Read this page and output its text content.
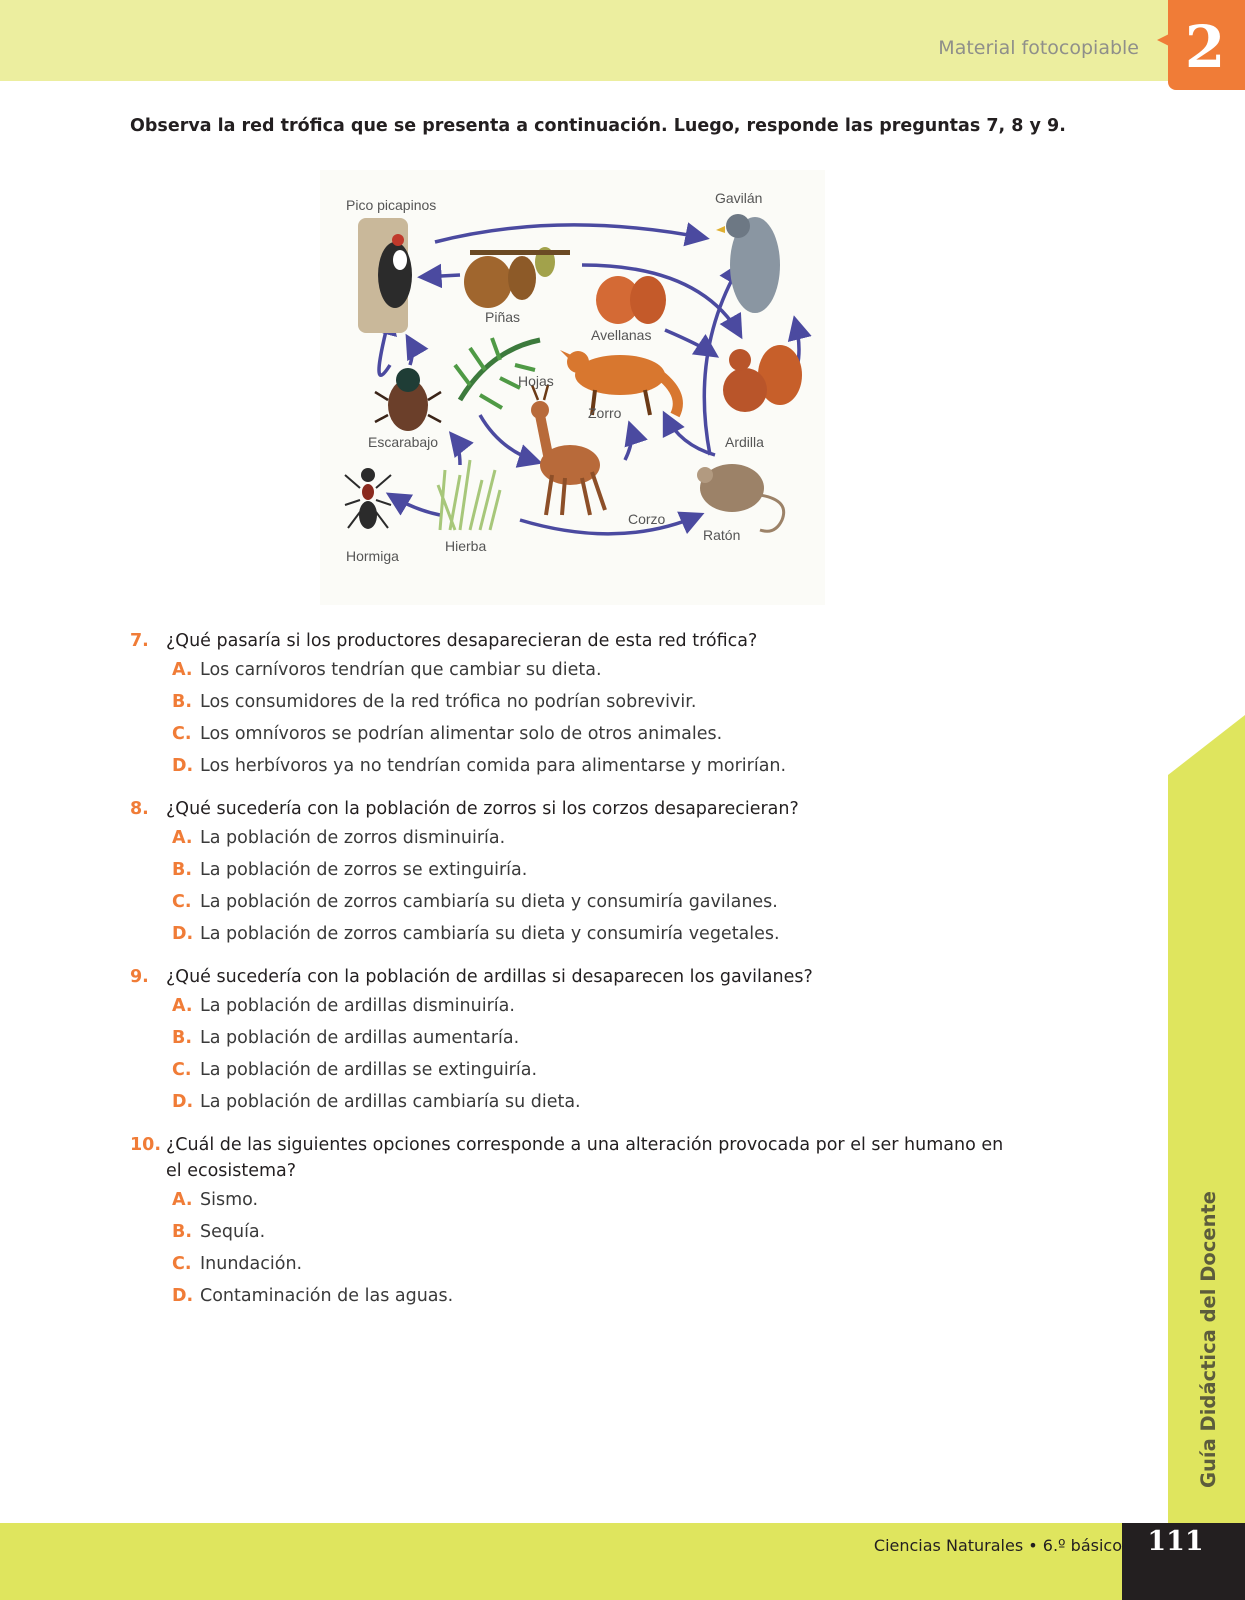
Material fotocopiable 2
Observa la red trófica que se presenta a continuación. Luego, responde las preguntas 7, 8 y 9.
Pico picapinos	Gavilán
Piñas
Avellanas
Hojas
Zorro
Escarabajo	Ardilla
Corzo
Ratón
Hormiga
Hierba
7. ¿Qué pasaría si los productores desaparecieran de esta red trófica?
A. Los carnívoros tendrían que cambiar su dieta.
B. Los consumidores de la red trófica no podrían sobrevivir.
C. Los omnívoros se podrían alimentar solo de otros animales.
D. Los herbívoros ya no tendrían comida para alimentarse y morirían.
8. ¿Qué sucedería con la población de zorros si los corzos desaparecieran?
A. La población de zorros disminuiría.
B. La población de zorros se extinguiría.
C. La población de zorros cambiaría su dieta y consumiría gavilanes.
D. La población de zorros cambiaría su dieta y consumiría vegetales.
9. ¿Qué sucedería con la población de ardillas si desaparecen los gavilanes?
A. La población de ardillas disminuiría.
B. La población de ardillas aumentaría.
C. La población de ardillas se extinguiría.
D. La población de ardillas cambiaría su dieta.
10. ¿Cuál de las siguientes opciones corresponde a una alteración provocada por el ser humano en el ecosistema?
A. Sismo.
B. Sequía.
C. Inundación.
D. Contaminación de las aguas.	Guía Didáctica del Docente
Ciencias Naturales • 6.º básico 111
